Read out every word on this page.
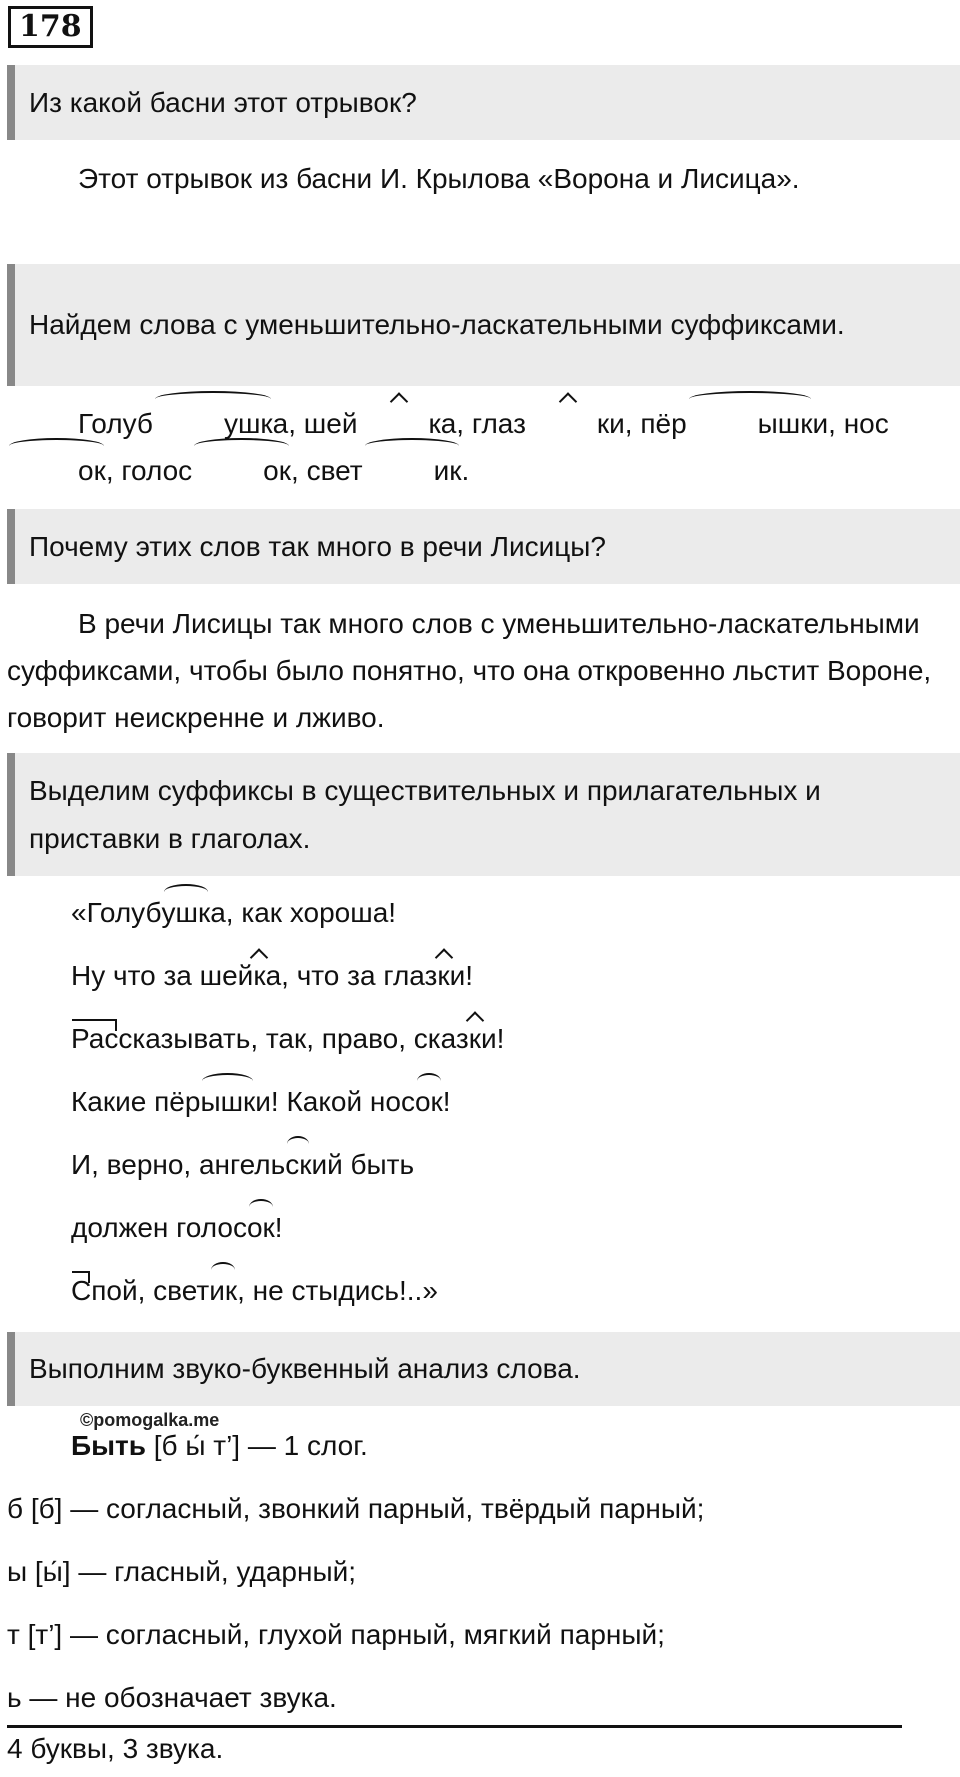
178
Из какой басни этот отрывок?
Этот отрывок из басни И. Крылова «Ворона и Лисица».
Найдем слова с уменьшительно-ласкательными суффиксами.
Голуб	ушка, шей	ка, глаз	ки, пёр	ышки, носок, голос	ок, свет	ик.
Почему этих слов так много в речи Лисицы?
В речи Лисицы так много слов с уменьшительно-ласкательными суффиксами, чтобы было понятно, что она откровенно льстит Вороне, говорит неискренне и лживо.
Выделим суффиксы в существительных и прилагательных и приставки в глаголах.
«Голубушка, как хороша!
Ну что за шейка, что за глазки!
Рассказывать, так, право, сказки!
Какие пёрышки! Какой носок!
И, верно, ангельский быть
должен голосок!
Спой, светик, не стыдись!..»
Выполним звуко-буквенный анализ слова.
©pomogalka.me
Быть [б ы́ т’] — 1 слог.
б [б] — согласный, звонкий парный, твёрдый парный;
ы [ы́] — гласный, ударный;
т [т’] — согласный, глухой парный, мягкий парный;
ь — не обозначает звука.
4 буквы, 3 звука.
